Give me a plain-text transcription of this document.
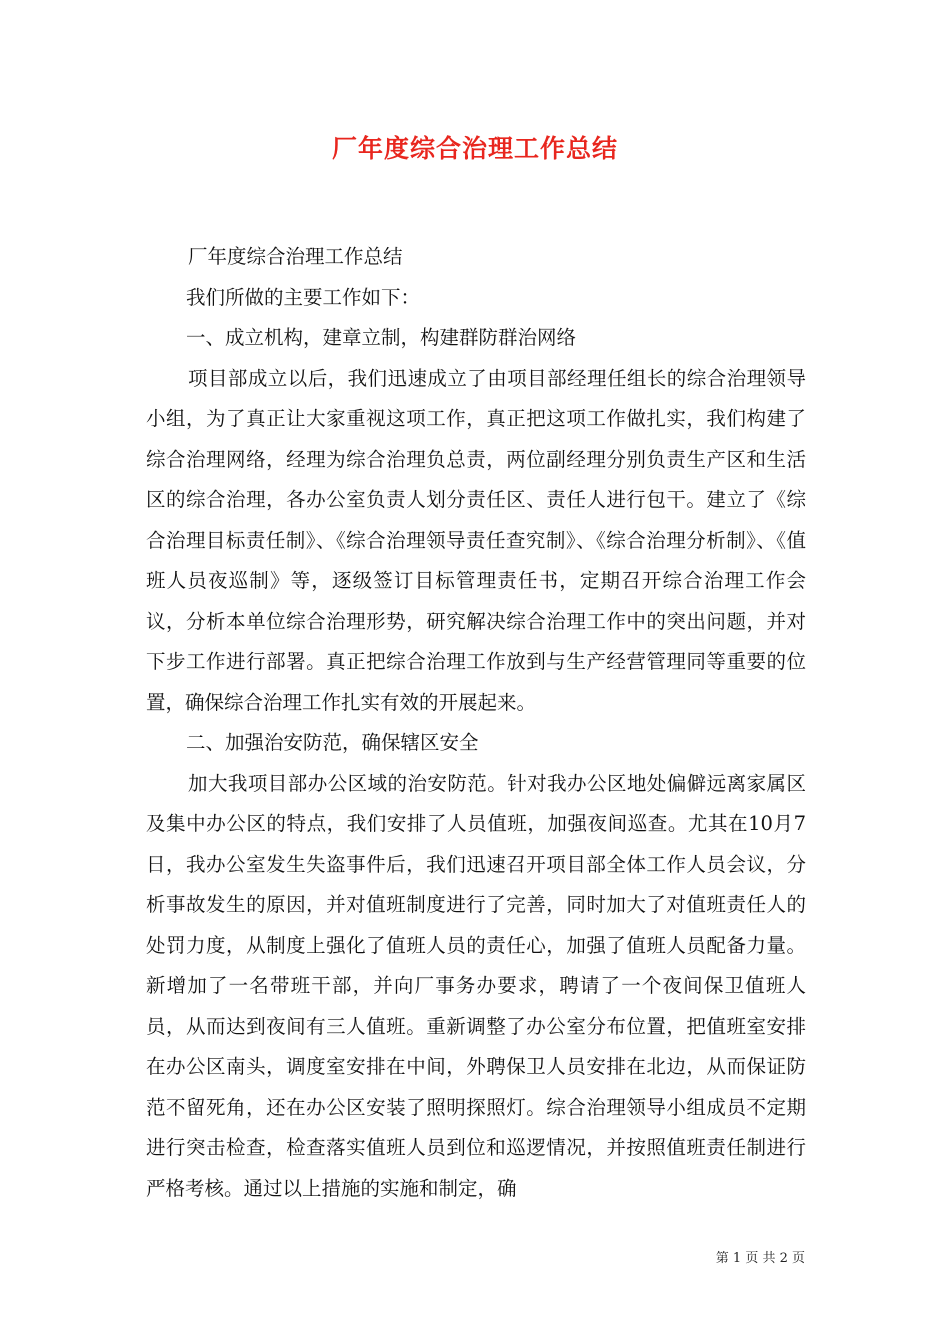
厂年度综合治理工作总结

厂年度综合治理工作总结

我们所做的主要工作如下：

一、成立机构，建章立制，构建群防群治网络

项目部成立以后，我们迅速成立了由项目部经理任组长的综合治理领导小组，为了真正让大家重视这项工作，真正把这项工作做扎实，我们构建了综合治理网络，经理为综合治理负总责，两位副经理分别负责生产区和生活区的综合治理，各办公室负责人划分责任区、责任人进行包干。建立了《综合治理目标责任制》、《综合治理领导责任查究制》、《综合治理分析制》、《值班人员夜巡制》等，逐级签订目标管理责任书，定期召开综合治理工作会议，分析本单位综合治理形势，研究解决综合治理工作中的突出问题，并对下步工作进行部署。真正把综合治理工作放到与生产经营管理同等重要的位置，确保综合治理工作扎实有效的开展起来。

二、加强治安防范，确保辖区安全

加大我项目部办公区域的治安防范。针对我办公区地处偏僻远离家属区及集中办公区的特点，我们安排了人员值班，加强夜间巡查。尤其在10月7日，我办公室发生失盗事件后，我们迅速召开项目部全体工作人员会议，分析事故发生的原因，并对值班制度进行了完善，同时加大了对值班责任人的处罚力度，从制度上强化了值班人员的责任心，加强了值班人员配备力量。新增加了一名带班干部，并向厂事务办要求，聘请了一个夜间保卫值班人员，从而达到夜间有三人值班。重新调整了办公室分布位置，把值班室安排在办公区南头，调度室安排在中间，外聘保卫人员安排在北边，从而保证防范不留死角，还在办公区安装了照明探照灯。综合治理领导小组成员不定期进行突击检查，检查落实值班人员到位和巡逻情况，并按照值班责任制进行严格考核。通过以上措施的实施和制定，确

第 1 页 共 2 页
